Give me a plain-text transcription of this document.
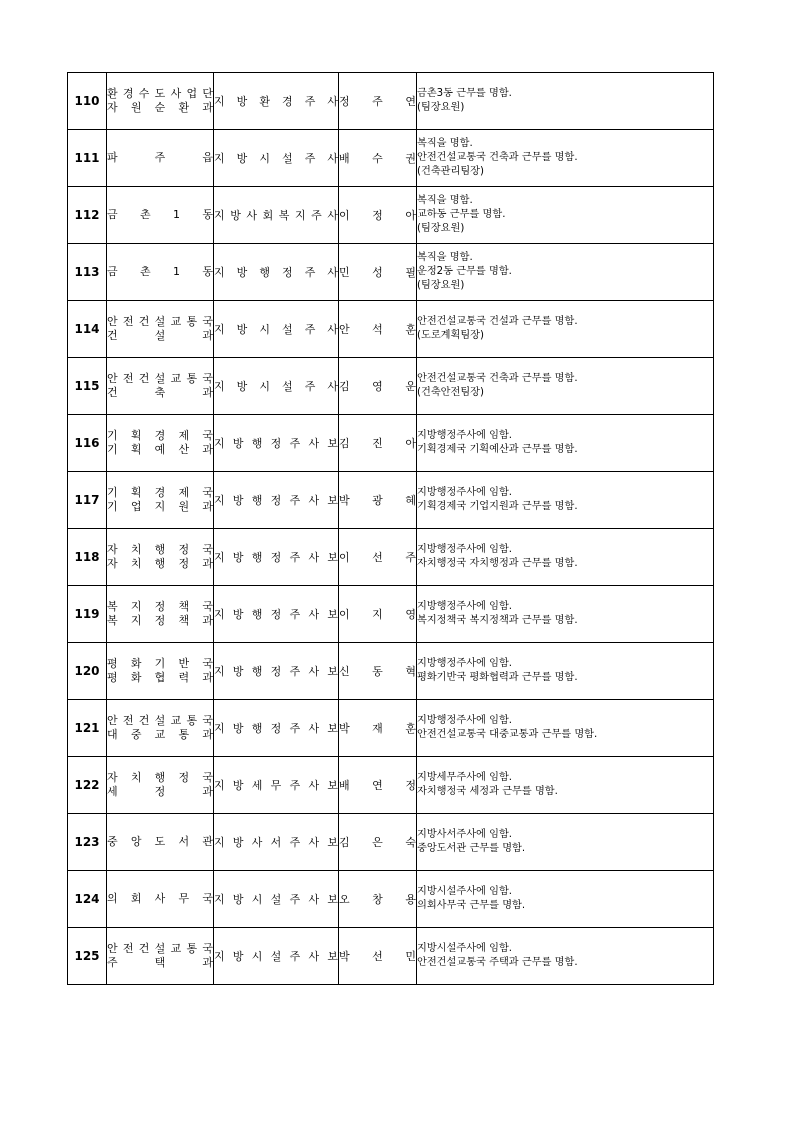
110	환 경 수 도 사 업 단
자 원 순 환 과	지 방 환 경 주 사	정 주 연	금촌3동 근무를 명함.
(팀장요원)

111	파 주 읍	지 방 시 설 주 사	배 수 권	복직을 명함.
안전건설교통국 건축과 근무를 명함.
(건축관리팀장)

112	금 촌 1 동	지 방 사 회 복 지 주 사	이 정 아	복직을 명함.
교하동 근무를 명함.
(팀장요원)

113	금 촌 1 동	지 방 행 정 주 사	민 성 필	복직을 명함.
운정2동 근무를 명함.
(팀장요원)

114	안 전 건 설 교 통 국
건 설 과	지 방 시 설 주 사	안 석 훈	안전건설교통국 건설과 근무를 명함.
(도로계획팀장)

115	안 전 건 설 교 통 국
건 축 과	지 방 시 설 주 사	김 영 운	안전건설교통국 건축과 근무를 명함.
(건축안전팀장)

116	기 획 경 제 국
기 획 예 산 과	지 방 행 정 주 사 보	김 진 아	지방행정주사에 임함.
기획경제국 기획예산과 근무를 명함.

117	기 획 경 제 국
기 업 지 원 과	지 방 행 정 주 사 보	박 광 혜	지방행정주사에 임함.
기획경제국 기업지원과 근무를 명함.

118	자 치 행 정 국
자 치 행 정 과	지 방 행 정 주 사 보	이 선 주	지방행정주사에 임함.
자치행정국 자치행정과 근무를 명함.

119	복 지 정 책 국
복 지 정 책 과	지 방 행 정 주 사 보	이 지 영	지방행정주사에 임함.
복지정책국 복지정책과 근무를 명함.

120	평 화 기 반 국
평 화 협 력 과	지 방 행 정 주 사 보	신 동 혁	지방행정주사에 임함.
평화기반국 평화협력과 근무를 명함.

121	안 전 건 설 교 통 국
대 중 교 통 과	지 방 행 정 주 사 보	박 재 훈	지방행정주사에 임함.
안전건설교통국 대중교통과 근무를 명함.

122	자 치 행 정 국
세 정 과	지 방 세 무 주 사 보	배 연 정	지방세무주사에 임함.
자치행정국 세정과 근무를 명함.

123	중 앙 도 서 관	지 방 사 서 주 사 보	김 은 숙	지방사서주사에 임함.
중앙도서관 근무를 명함.

124	의 회 사 무 국	지 방 시 설 주 사 보	오 창 용	지방시설주사에 임함.
의회사무국 근무를 명함.

125	안 전 건 설 교 통 국
주 택 과	지 방 시 설 주 사 보	박 선 민	지방시설주사에 임함.
안전건설교통국 주택과 근무를 명함.
